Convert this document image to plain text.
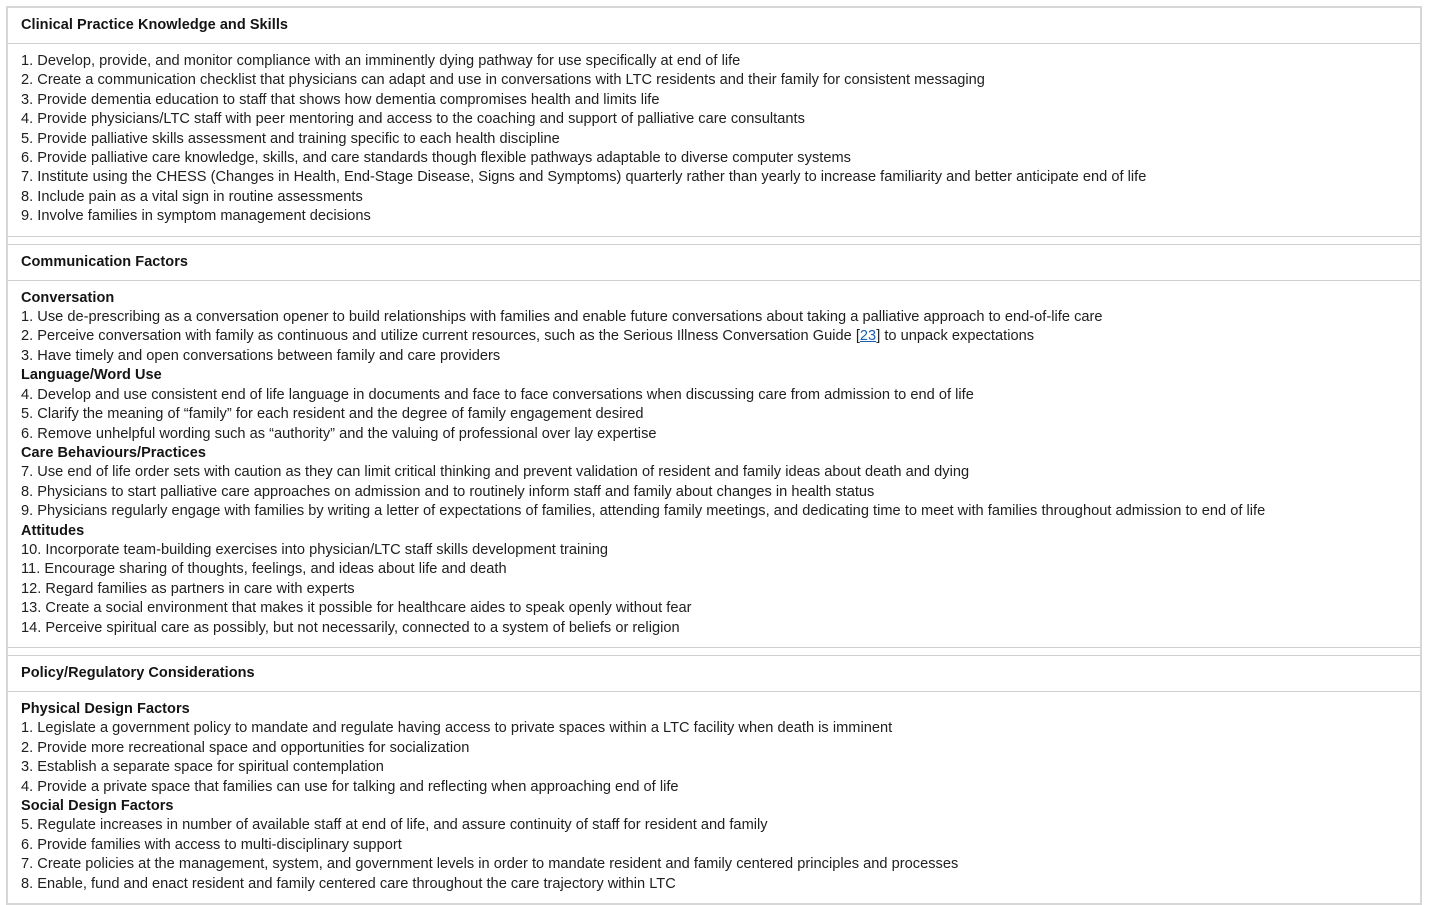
Clinical Practice Knowledge and Skills

1. Develop, provide, and monitor compliance with an imminently dying pathway for use specifically at end of life
2. Create a communication checklist that physicians can adapt and use in conversations with LTC residents and their family for consistent messaging
3. Provide dementia education to staff that shows how dementia compromises health and limits life
4. Provide physicians/LTC staff with peer mentoring and access to the coaching and support of palliative care consultants
5. Provide palliative skills assessment and training specific to each health discipline
6. Provide palliative care knowledge, skills, and care standards though flexible pathways adaptable to diverse computer systems
7. Institute using the CHESS (Changes in Health, End-Stage Disease, Signs and Symptoms) quarterly rather than yearly to increase familiarity and better anticipate end of life
8. Include pain as a vital sign in routine assessments
9. Involve families in symptom management decisions

Communication Factors

Conversation
1. Use de-prescribing as a conversation opener to build relationships with families and enable future conversations about taking a palliative approach to end-of-life care
2. Perceive conversation with family as continuous and utilize current resources, such as the Serious Illness Conversation Guide [23] to unpack expectations
3. Have timely and open conversations between family and care providers
Language/Word Use
4. Develop and use consistent end of life language in documents and face to face conversations when discussing care from admission to end of life
5. Clarify the meaning of “family” for each resident and the degree of family engagement desired
6. Remove unhelpful wording such as “authority” and the valuing of professional over lay expertise
Care Behaviours/Practices
7. Use end of life order sets with caution as they can limit critical thinking and prevent validation of resident and family ideas about death and dying
8. Physicians to start palliative care approaches on admission and to routinely inform staff and family about changes in health status
9. Physicians regularly engage with families by writing a letter of expectations of families, attending family meetings, and dedicating time to meet with families throughout admission to end of life
Attitudes
10. Incorporate team-building exercises into physician/LTC staff skills development training
11. Encourage sharing of thoughts, feelings, and ideas about life and death
12. Regard families as partners in care with experts
13. Create a social environment that makes it possible for healthcare aides to speak openly without fear
14. Perceive spiritual care as possibly, but not necessarily, connected to a system of beliefs or religion

Policy/Regulatory Considerations

Physical Design Factors
1. Legislate a government policy to mandate and regulate having access to private spaces within a LTC facility when death is imminent
2. Provide more recreational space and opportunities for socialization
3. Establish a separate space for spiritual contemplation
4. Provide a private space that families can use for talking and reflecting when approaching end of life
Social Design Factors
5. Regulate increases in number of available staff at end of life, and assure continuity of staff for resident and family
6. Provide families with access to multi-disciplinary support
7. Create policies at the management, system, and government levels in order to mandate resident and family centered principles and processes
8. Enable, fund and enact resident and family centered care throughout the care trajectory within LTC
